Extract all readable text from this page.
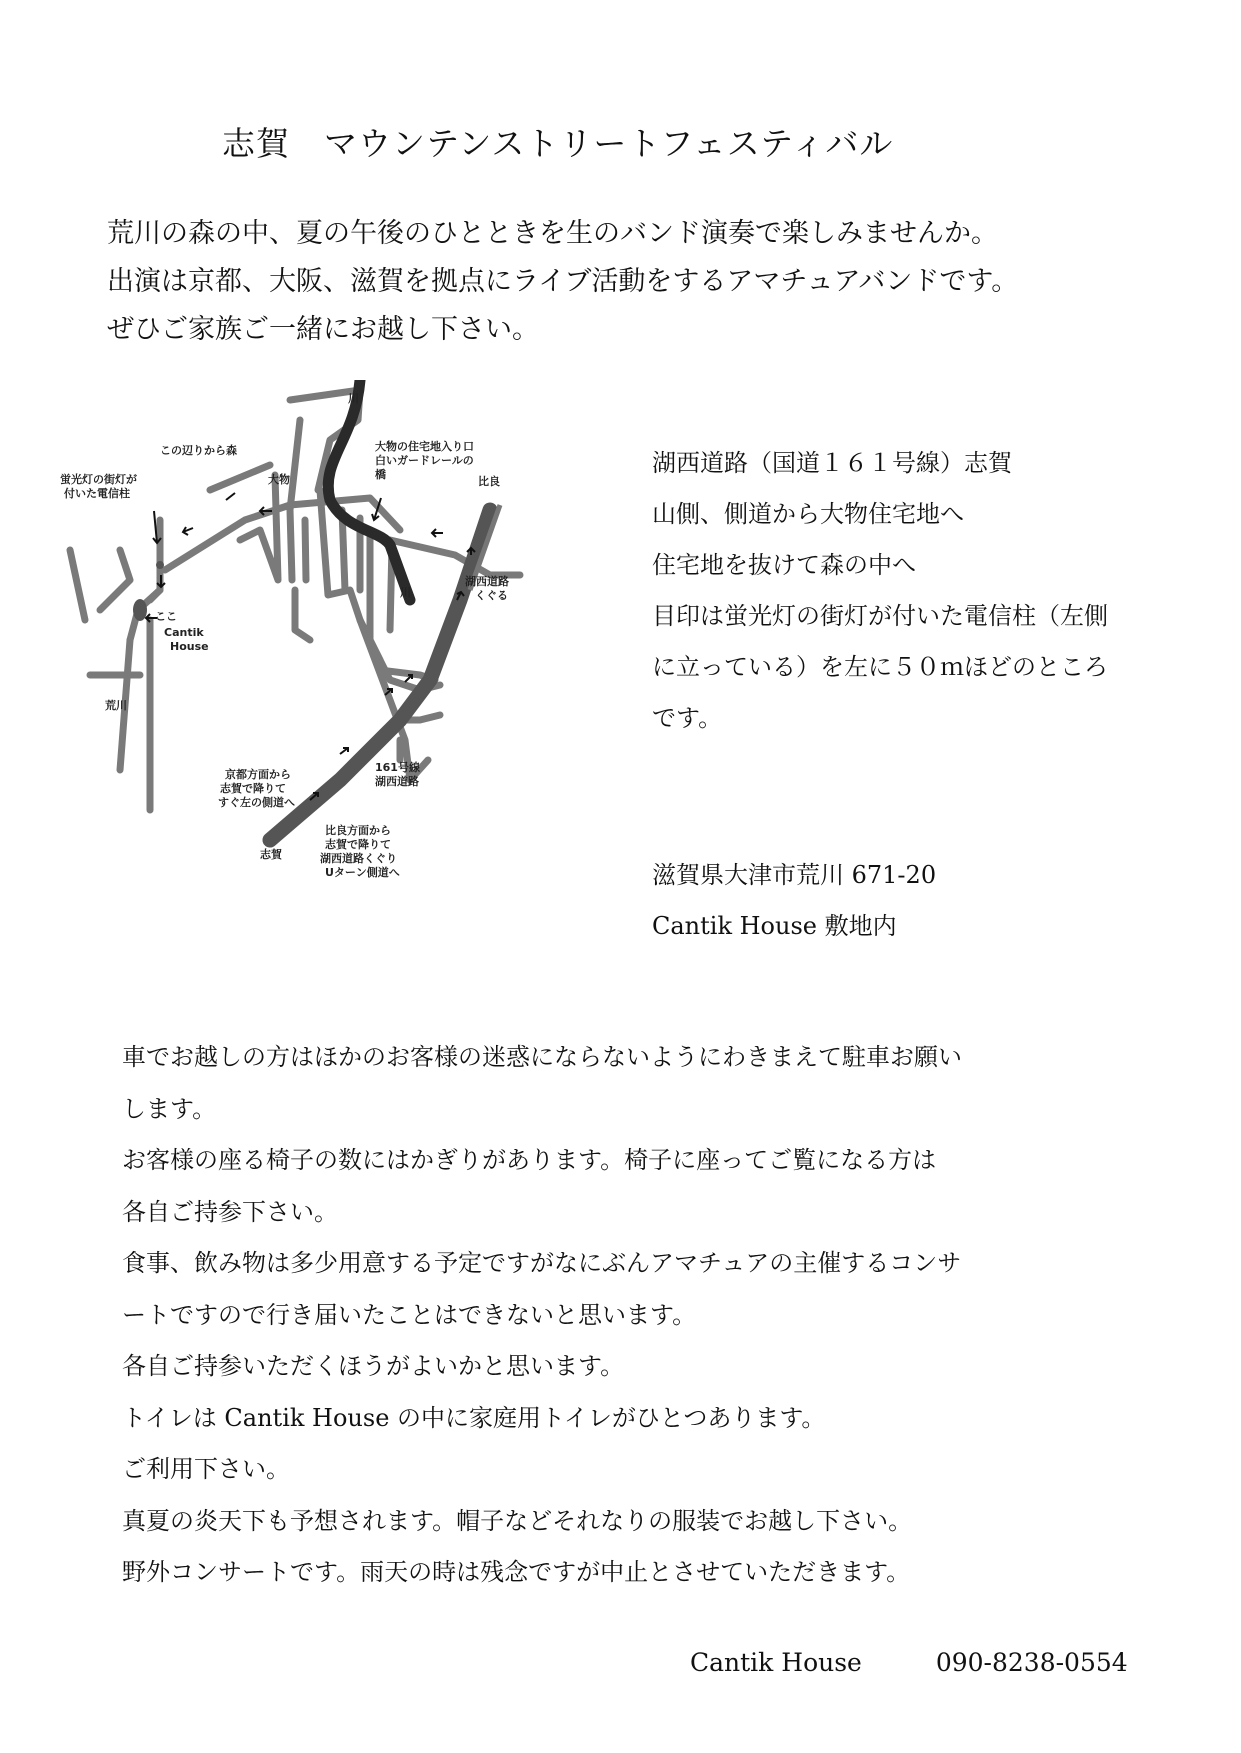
志賀　マウンテンストリートフェスティバル
荒川の森の中、夏の午後のひとときを生のバンド演奏で楽しみませんか。
出演は京都、大阪、滋賀を拠点にライブ活動をするアマチュアバンドです。
ぜひご家族ご一緒にお越し下さい。
川
川
この辺りから森
蛍光灯の街灯が
付いた電信柱
大物
大物の住宅地入り口
白いガードレールの
橋
比良
ここ
Cantik
House
湖西道路
くぐる
荒川
161号線
湖西道路
京都方面から
志賀で降りて
すぐ左の側道へ
志賀
比良方面から
志賀で降りて
湖西道路くぐり
Uターン側道へ
湖西道路（国道１６１号線）志賀
山側、側道から大物住宅地へ
住宅地を抜けて森の中へ
目印は蛍光灯の街灯が付いた電信柱（左側
に立っている）を左に５０ｍほどのところ
です。
滋賀県大津市荒川 671-20
Cantik House 敷地内
車でお越しの方はほかのお客様の迷惑にならないようにわきまえて駐車お願い
します。
お客様の座る椅子の数にはかぎりがあります。椅子に座ってご覧になる方は
各自ご持参下さい。
食事、飲み物は多少用意する予定ですがなにぶんアマチュアの主催するコンサ
ートですので行き届いたことはできないと思います。
各自ご持参いただくほうがよいかと思います。
トイレは Cantik House の中に家庭用トイレがひとつあります。
ご利用下さい。
真夏の炎天下も予想されます。帽子などそれなりの服装でお越し下さい。
野外コンサートです。雨天の時は残念ですが中止とさせていただきます。
Cantik House	090-8238-0554
